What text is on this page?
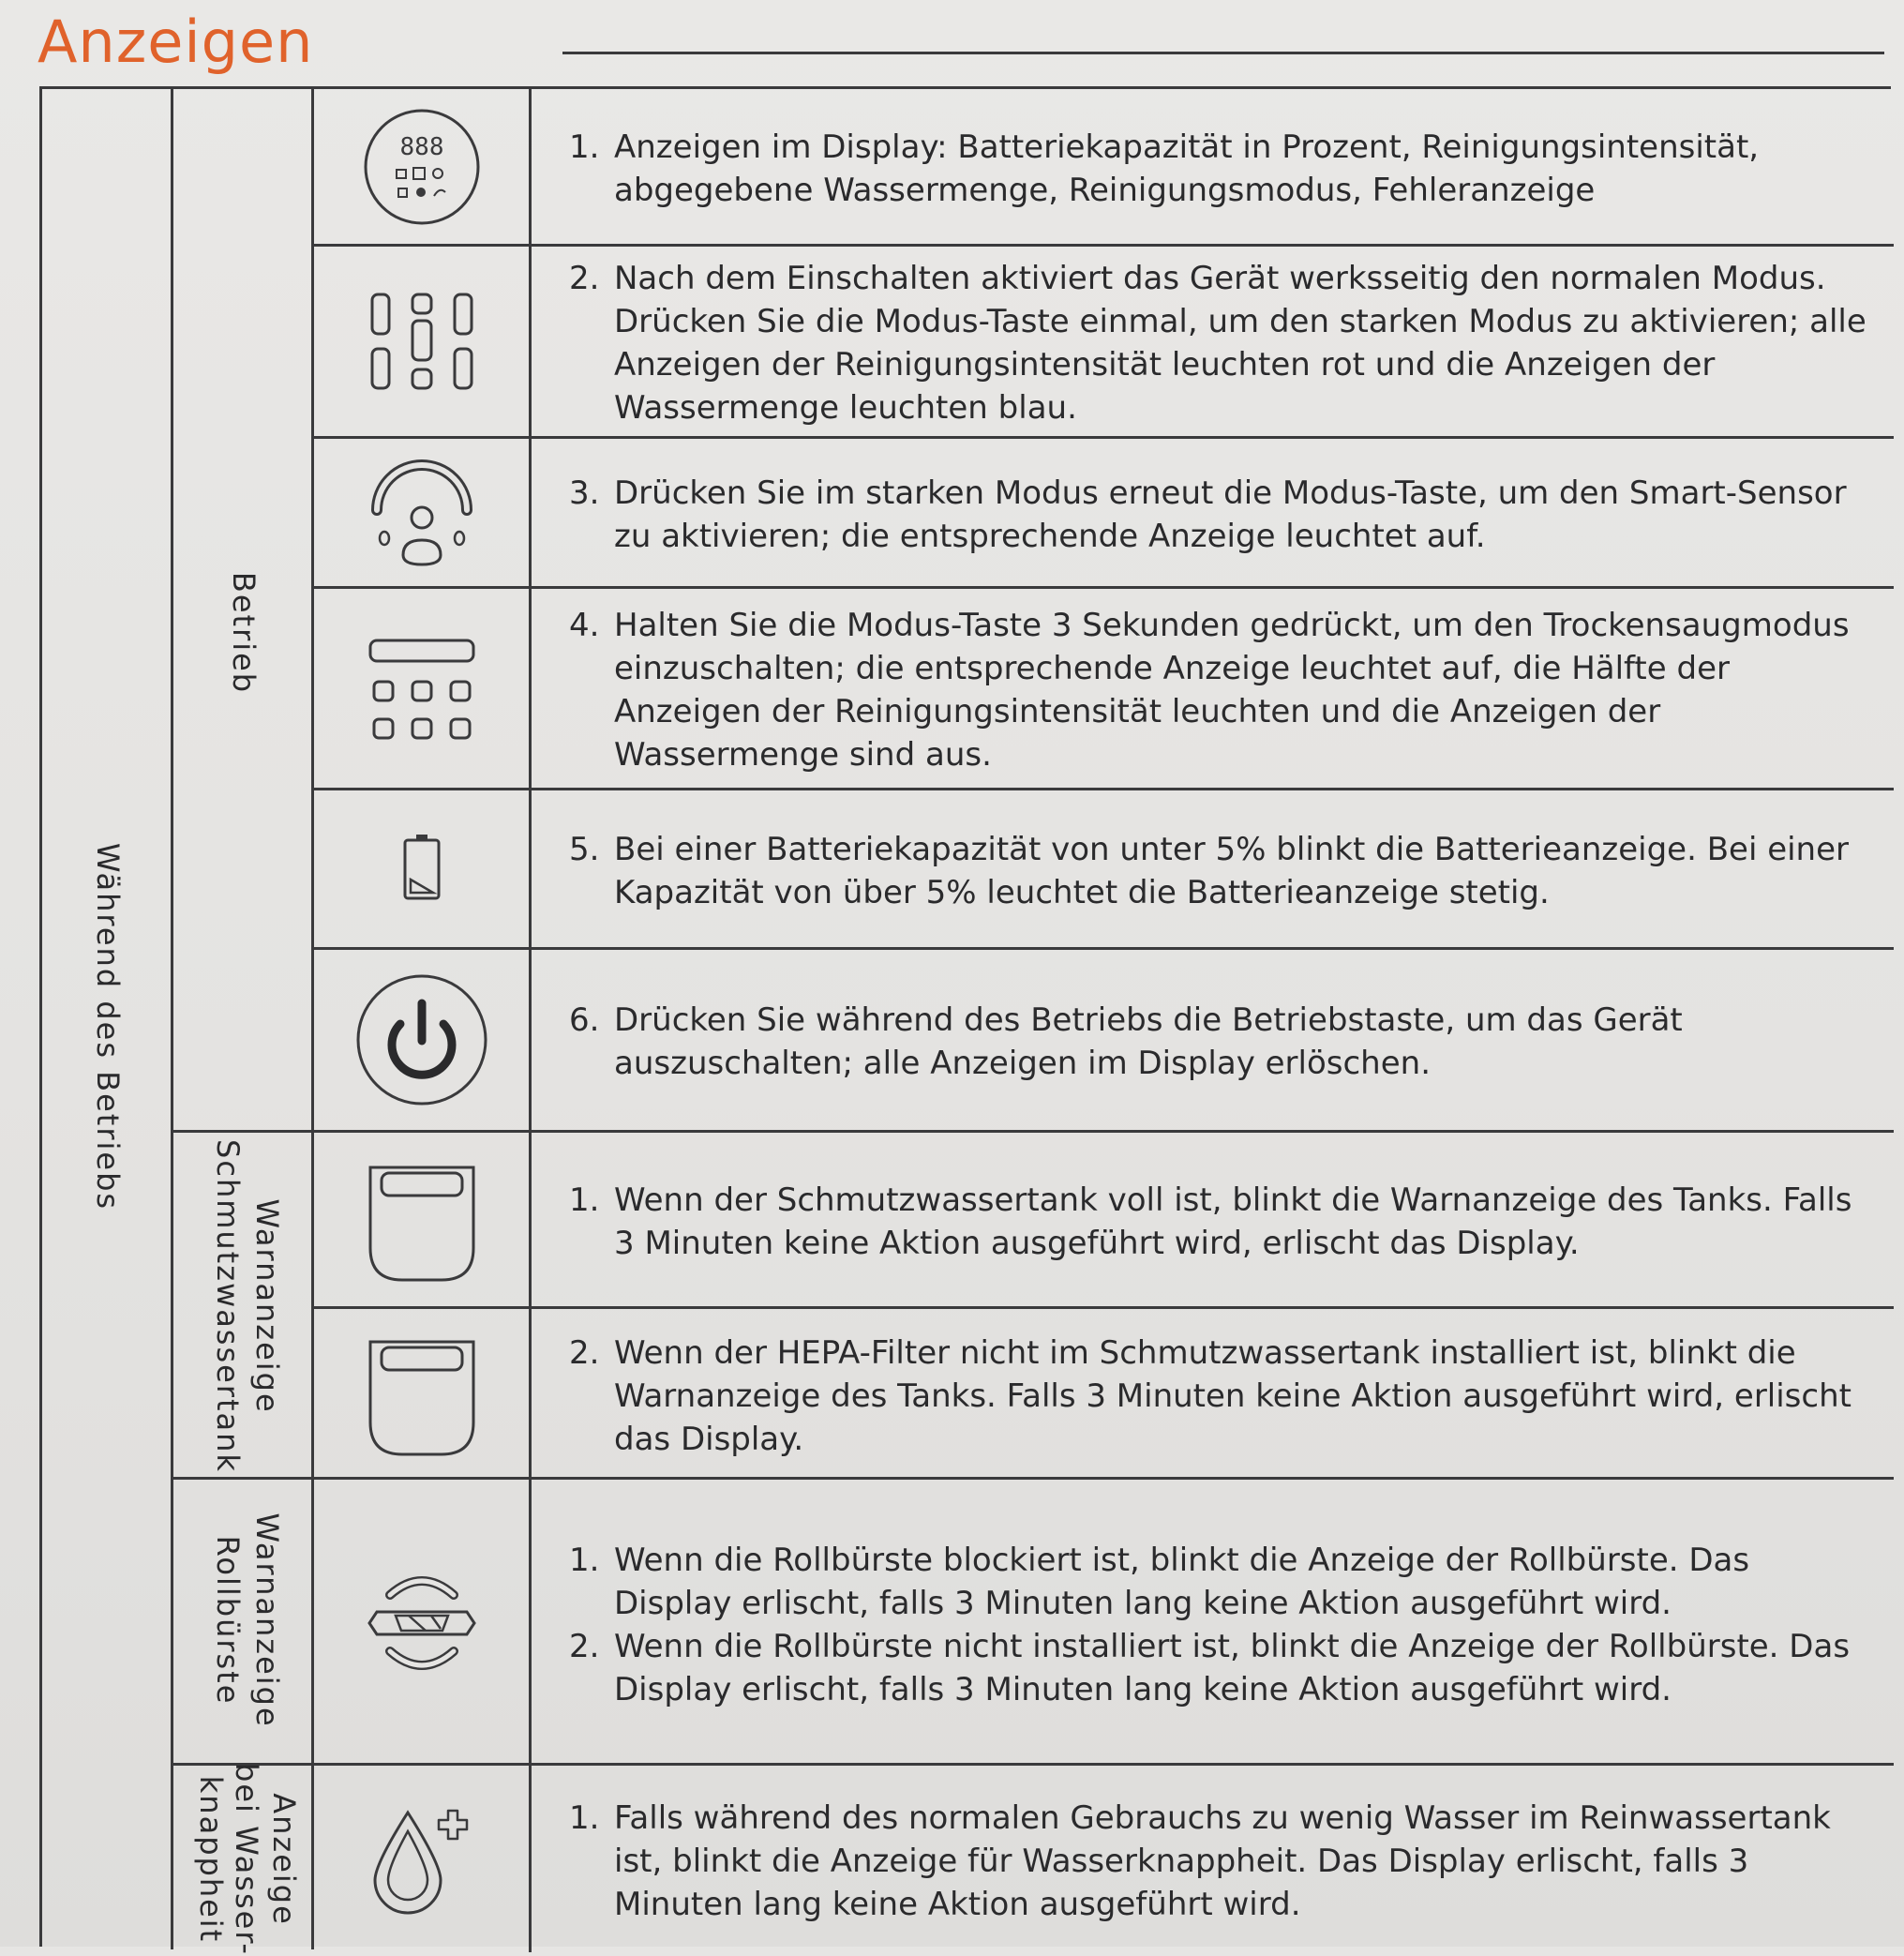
Anzeigen
Während des Betriebs
Betrieb
888	1. Anzeigen im Display: Batteriekapazität in Prozent, Reinigungsintensität, abgegebene Wassermenge, Reinigungsmodus, Fehleranzeige
2. Nach dem Einschalten aktiviert das Gerät werksseitig den normalen Modus. Drücken Sie die Modus-Taste einmal, um den starken Modus zu aktivieren; alle Anzeigen der Reinigungsintensität leuchten rot und die Anzeigen der Wassermenge leuchten blau.
3. Drücken Sie im starken Modus erneut die Modus-Taste, um den Smart-Sensor zu aktivieren; die entsprechende Anzeige leuchtet auf.
4. Halten Sie die Modus-Taste 3 Sekunden gedrückt, um den Trockensaugmodus einzuschalten; die entsprechende Anzeige leuchtet auf, die Hälfte der Anzeigen der Reinigungsintensität leuchten und die Anzeigen der Wassermenge sind aus.
5. Bei einer Batteriekapazität von unter 5% blinkt die Batterieanzeige. Bei einer Kapazität von über 5% leuchtet die Batterieanzeige stetig.
6. Drücken Sie während des Betriebs die Betriebstaste, um das Gerät auszuschalten; alle Anzeigen im Display erlöschen.
Warnanzeige
Schmutzwassertank	1. Wenn der Schmutzwassertank voll ist, blinkt die Warnanzeige des Tanks. Falls 3 Minuten keine Aktion ausgeführt wird, erlischt das Display.
2. Wenn der HEPA-Filter nicht im Schmutzwassertank installiert ist, blinkt die Warnanzeige des Tanks. Falls 3 Minuten keine Aktion ausgeführt wird, erlischt das Display.
Warnanzeige
Rollbürste	1. Wenn die Rollbürste blockiert ist, blinkt die Anzeige der Rollbürste. Das Display erlischt, falls 3 Minuten lang keine Aktion ausgeführt wird.
2. Wenn die Rollbürste nicht installiert ist, blinkt die Anzeige der Rollbürste. Das Display erlischt, falls 3 Minuten lang keine Aktion ausgeführt wird.
Anzeige
bei Wasser-
knappheit	1. Falls während des normalen Gebrauchs zu wenig Wasser im Reinwassertank ist, blinkt die Anzeige für Wasserknappheit. Das Display erlischt, falls 3 Minuten lang keine Aktion ausgeführt wird.
